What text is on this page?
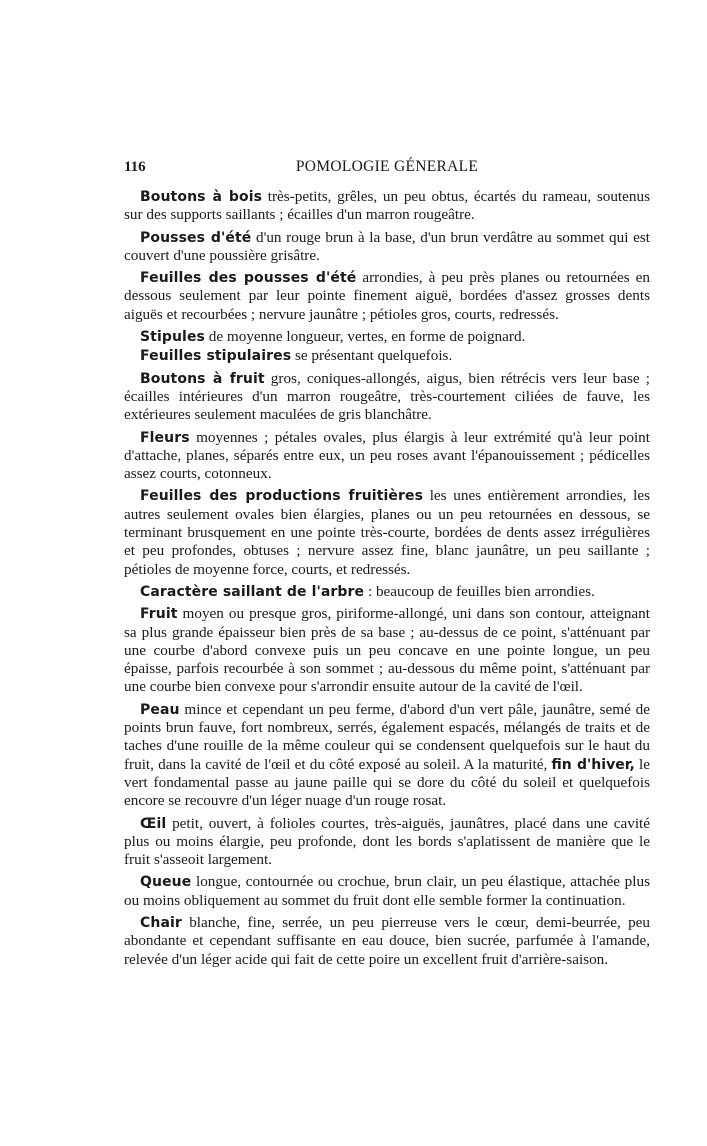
116	POMOLOGIE GÉNERALE

Boutons à bois très-petits, grêles, un peu obtus, écartés du rameau, soutenus sur des supports saillants ; écailles d'un marron rougeâtre.

Pousses d'été d'un rouge brun à la base, d'un brun verdâtre au sommet qui est couvert d'une poussière grisâtre.

Feuilles des pousses d'été arrondies, à peu près planes ou retournées en dessous seulement par leur pointe finement aiguë, bordées d'assez grosses dents aiguës et recourbées ; nervure jaunâtre ; pétioles gros, courts, redressés.

Stipules de moyenne longueur, vertes, en forme de poignard.

Feuilles stipulaires se présentant quelquefois.

Boutons à fruit gros, coniques-allongés, aigus, bien rétrécis vers leur base ; écailles intérieures d'un marron rougeâtre, très-courtement ciliées de fauve, les extérieures seulement maculées de gris blanchâtre.

Fleurs moyennes ; pétales ovales, plus élargis à leur extrémité qu'à leur point d'attache, planes, séparés entre eux, un peu roses avant l'épanouissement ; pédicelles assez courts, cotonneux.

Feuilles des productions fruitières les unes entièrement arrondies, les autres seulement ovales bien élargies, planes ou un peu retournées en dessous, se terminant brusquement en une pointe très-courte, bordées de dents assez irrégulières et peu profondes, obtuses ; nervure assez fine, blanc jaunâtre, un peu saillante ; pétioles de moyenne force, courts, et redressés.

Caractère saillant de l'arbre : beaucoup de feuilles bien arrondies.

Fruit moyen ou presque gros, piriforme-allongé, uni dans son contour, atteignant sa plus grande épaisseur bien près de sa base ; au-dessus de ce point, s'atténuant par une courbe d'abord convexe puis un peu concave en une pointe longue, un peu épaisse, parfois recourbée à son sommet ; au-dessous du même point, s'atténuant par une courbe bien convexe pour s'arrondir ensuite autour de la cavité de l'œil.

Peau mince et cependant un peu ferme, d'abord d'un vert pâle, jaunâtre, semé de points brun fauve, fort nombreux, serrés, également espacés, mélangés de traits et de taches d'une rouille de la même couleur qui se condensent quelquefois sur le haut du fruit, dans la cavité de l'œil et du côté exposé au soleil. A la maturité, fin d'hiver, le vert fondamental passe au jaune paille qui se dore du côté du soleil et quelquefois encore se recouvre d'un léger nuage d'un rouge rosat.

Œil petit, ouvert, à folioles courtes, très-aiguës, jaunâtres, placé dans une cavité plus ou moins élargie, peu profonde, dont les bords s'aplatissent de manière que le fruit s'asseoit largement.

Queue longue, contournée ou crochue, brun clair, un peu élastique, attachée plus ou moins obliquement au sommet du fruit dont elle semble former la continuation.

Chair blanche, fine, serrée, un peu pierreuse vers le cœur, demi-beurrée, peu abondante et cependant suffisante en eau douce, bien sucrée, parfumée à l'amande, relevée d'un léger acide qui fait de cette poire un excellent fruit d'arrière-saison.
